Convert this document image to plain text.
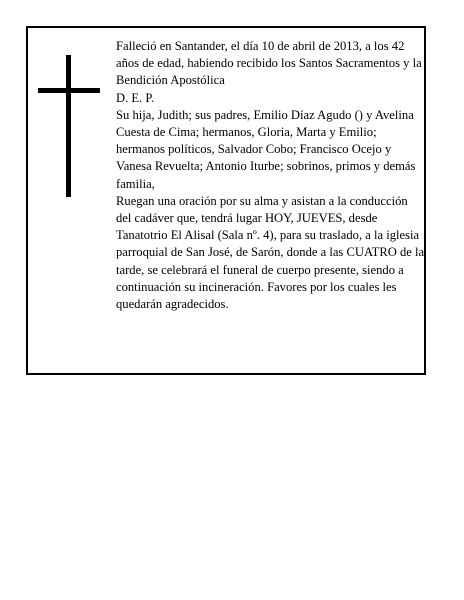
Falleció en Santander, el día 10 de abril de 2013, a los 42 años de edad, habiendo recibido los Santos Sacramentos y la Bendición Apostólica

D. E. P.

Su hija, Judith; sus padres, Emilio Díaz Agudo () y Avelina Cuesta de Cima; hermanos, Gloria, Marta y Emilio; hermanos políticos, Salvador Cobo; Francisco Ocejo y Vanesa Revuelta; Antonio Iturbe; sobrinos, primos y demás familia,

Ruegan una oración por su alma y asistan a la conducción del cadáver que, tendrá lugar HOY, JUEVES, desde Tanatotrio El Alisal (Sala nº. 4), para su traslado, a la iglesia parroquial de San José, de Sarón, donde a las CUATRO de la tarde, se celebrará el funeral de cuerpo presente, siendo a continuación su incineración. Favores por los cuales les quedarán agradecidos.
